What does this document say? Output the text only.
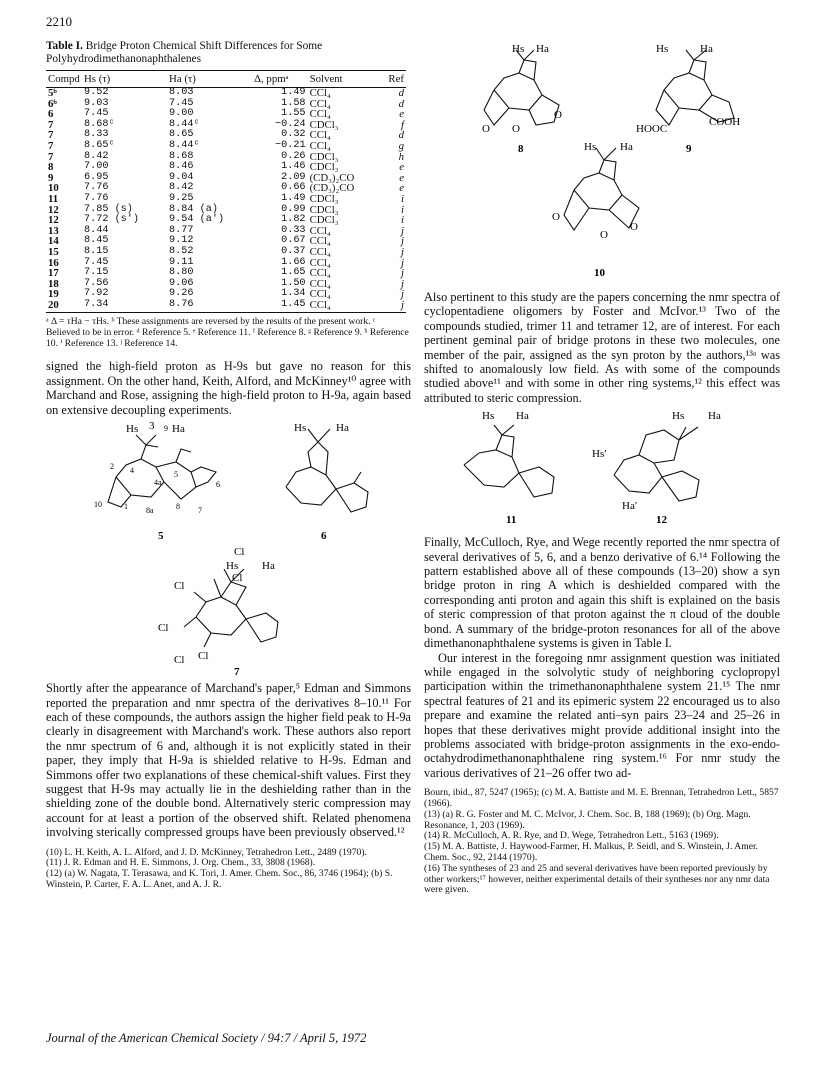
2210
Table I. Bridge Proton Chemical Shift Differences for Some Polyhydrodimethanonaphthalenes
Compd	Hs (τ)	Ha (τ)	Δ, ppmᵃ	Solvent	Ref
5ᵇ	9.52	8.03	1.49	CCl₄	d
6ᵇ	9.03	7.45	1.58	CCl₄	d
6	7.45	9.00	1.55	CCl₄	e
7	8.68ᶜ	8.44ᶜ	−0.24	CDCl₃	f
7	8.33	8.65	0.32	CCl₄	d
7	8.65ᶜ	8.44ᶜ	−0.21	CCl₄	g
7	8.42	8.68	0.26	CDCl₃	h
8	7.00	8.46	1.46	CDCl₃	e
9	6.95	9.04	2.09	(CD₃)₂CO	e
10	7.76	8.42	0.66	(CD₃)₂CO	e
11	7.76	9.25	1.49	CDCl₃	i
12	7.85 (s)	8.84 (a)	0.99	CDCl₃	i
12	7.72 (s′)	9.54 (a′)	1.82	CDCl₃	i
13	8.44	8.77	0.33	CCl₄	j
14	8.45	9.12	0.67	CCl₄	j
15	8.15	8.52	0.37	CCl₄	j
16	7.45	9.11	1.66	CCl₄	j
17	7.15	8.80	1.65	CCl₄	j
18	7.56	9.06	1.50	CCl₄	j
19	7.92	9.26	1.34	CCl₄	j
20	7.34	8.76	1.45	CCl₄	j
ᵃ Δ = τHa − τHs. ᵇ These assignments are reversed by the results of the present work. ᶜ Believed to be in error. ᵈ Reference 5. ᵉ Reference 11. ᶠ Reference 8. ᵍ Reference 9. ʰ Reference 10. ⁱ Reference 13. ʲ Reference 14.

signed the high-field proton as H-9s but gave no reason for this assignment. On the other hand, Keith, Alford, and McKinney¹⁰ agree with Marchand and Rose, assigning the high-field proton to H-9a, again based on extensive decoupling experiments.

3
Hs	9 Ha
2 4
4a
5
6
10	1 8a	8 7
5
Hs	Ha
6
Cl
Cl
Hs
Cl
Ha
Cl
Cl Cl
7

Shortly after the appearance of Marchand's paper,⁵ Edman and Simmons reported the preparation and nmr spectra of the derivatives 8–10.¹¹ For each of these compounds, the authors assign the higher field peak to H-9a clearly in disagreement with Marchand's work. These authors also report the nmr spectrum of 6 and, although it is not explicitly stated in their paper, they imply that H-9a is shielded relative to H-9s. Edman and Simmons offer two explanations of these chemical-shift values. First they suggest that H-9s may actually lie in the deshielding rather than in the shielding zone of the double bond. Alternatively steric compression may account for at least a portion of the observed shift. Related phenomena involving sterically compressed groups have been previously observed.¹²

(10) L. H. Keith, A. L. Alford, and J. D. McKinney, Tetrahedron Lett., 2489 (1970).
(11) J. R. Edman and H. E. Simmons, J. Org. Chem., 33, 3808 (1968).
(12) (a) W. Nagata, T. Terasawa, and K. Tori, J. Amer. Chem. Soc., 86, 3746 (1964); (b) S. Winstein, P. Carter, F. A. L. Anet, and A. J. R.
Hs Ha
O O
O
8
Hs	Ha
HOOC
COOH
9
Hs Ha
O
O
O
10

Also pertinent to this study are the papers concerning the nmr spectra of cyclopentadiene oligomers by Foster and McIvor.¹³ Two of the compounds studied, trimer 11 and tetramer 12, are of interest. For each pertinent geminal pair of bridge protons in these two molecules, one member of the pair, assigned as the syn proton by the authors,¹³ᵃ was shifted to anomalously low field. As with some of the compounds studied above¹¹ and with some in other ring systems,¹² this effect was attributed to steric compression.

Hs Ha
11
Hs Ha
Hs′
Ha′
12

Finally, McCulloch, Rye, and Wege recently reported the nmr spectra of several derivatives of 5, 6, and a benzo derivative of 6.¹⁴ Following the pattern established above all of these compounds (13–20) show a syn bridge proton in ring A which is deshielded compared with the corresponding anti proton and again this shift is explained on the basis of steric compression of that proton against the π cloud of the double bond. A summary of the bridge-proton resonances for all of the above dimethanonaphthalene systems is given in Table I.

Our interest in the foregoing nmr assignment question was initiated while engaged in the solvolytic study of neighboring cyclopropyl participation within the trimethanonaphthalene system 21.¹⁵ The nmr spectral features of 21 and its epimeric system 22 encouraged us to also prepare and examine the related anti–syn pairs 23–24 and 25–26 in hopes that these derivatives might provide additional insight into the problems associated with bridge-proton assignments in the exo-endo-octahydrodimethanonaphthalene ring system.¹⁶ For nmr study the various derivatives of 21–26 offer two ad-

Bourn, ibid., 87, 5247 (1965); (c) M. A. Battiste and M. E. Brennan, Tetrahedron Lett., 5857 (1966).
(13) (a) R. G. Foster and M. C. McIvor, J. Chem. Soc. B, 188 (1969); (b) Org. Magn. Resonance, 1, 203 (1969).
(14) R. McCulloch, A. R. Rye, and D. Wege, Tetrahedron Lett., 5163 (1969).
(15) M. A. Battiste, J. Haywood-Farmer, H. Malkus, P. Seidl, and S. Winstein, J. Amer. Chem. Soc., 92, 2144 (1970).
(16) The syntheses of 23 and 25 and several derivatives have been reported previously by other workers;¹⁷ however, neither experimental details of their syntheses nor any nmr data were given.
Journal of the American Chemical Society / 94:7 / April 5, 1972
